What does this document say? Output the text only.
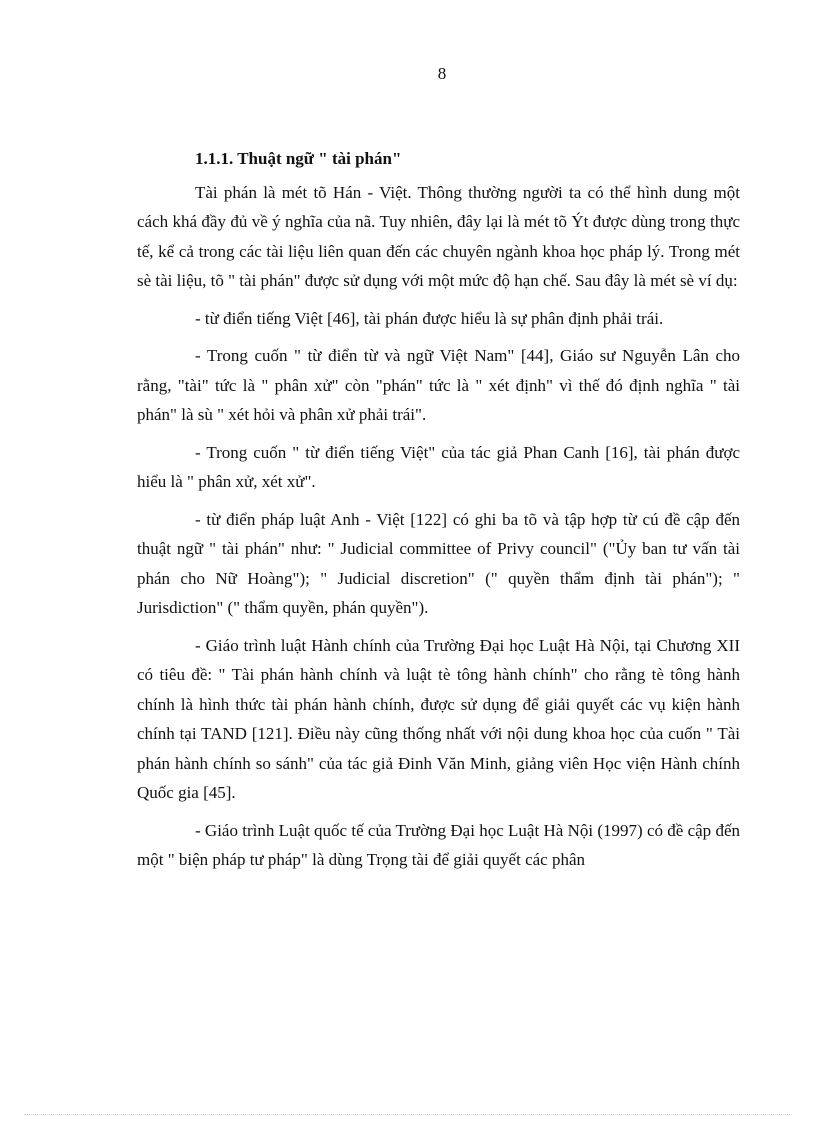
8
1.1.1. Thuật ngữ " tài phán"

Tài phán là mét tõ Hán - Việt. Thông thường người ta có thể hình dung một cách khá đầy đủ về ý nghĩa của nã. Tuy nhiên, đây lại là mét tõ Ýt được dùng trong thực tế, kể cả trong các tài liệu liên quan đến các chuyên ngành khoa học pháp lý. Trong mét sè tài liệu, tõ " tài phán" được sử dụng với một mức độ hạn chế. Sau đây là mét sè ví dụ:

- từ điển tiếng Việt [46], tài phán được hiểu là sự phân định phải trái.

- Trong cuốn " từ điển từ và ngữ Việt Nam" [44], Giáo sư Nguyễn Lân cho rằng, "tài" tức là " phân xử" còn "phán" tức là " xét định" vì thế đó định nghĩa " tài phán" là sù " xét hỏi và phân xử phải trái".

- Trong cuốn " từ điển tiếng Việt" của tác giả Phan Canh [16], tài phán được hiểu là " phân xử, xét xử".

- từ điển pháp luật Anh - Việt [122] có ghi ba tõ và tập hợp từ cú đề cập đến thuật ngữ " tài phán" như: " Judicial committee of Privy council" ("Ủy ban tư vấn tài phán cho Nữ Hoàng"); " Judicial discretion" (" quyền thẩm định tài phán"); " Jurisdiction" (" thẩm quyền, phán quyền").

- Giáo trình luật Hành chính của Trường Đại học Luật Hà Nội, tại Chương XII có tiêu đề: " Tài phán hành chính và luật tè tông hành chính" cho rằng tè tông hành chính là hình thức tài phán hành chính, được sử dụng để giải quyết các vụ kiện hành chính tại TAND [121]. Điều này cũng thống nhất với nội dung khoa học của cuốn " Tài phán hành chính so sánh" của tác giả Đinh Văn Minh, giảng viên Học viện Hành chính Quốc gia [45].

- Giáo trình Luật quốc tế của Trường Đại học Luật Hà Nội (1997) có đề cập đến một " biện pháp tư pháp" là dùng Trọng tài để giải quyết các phân
